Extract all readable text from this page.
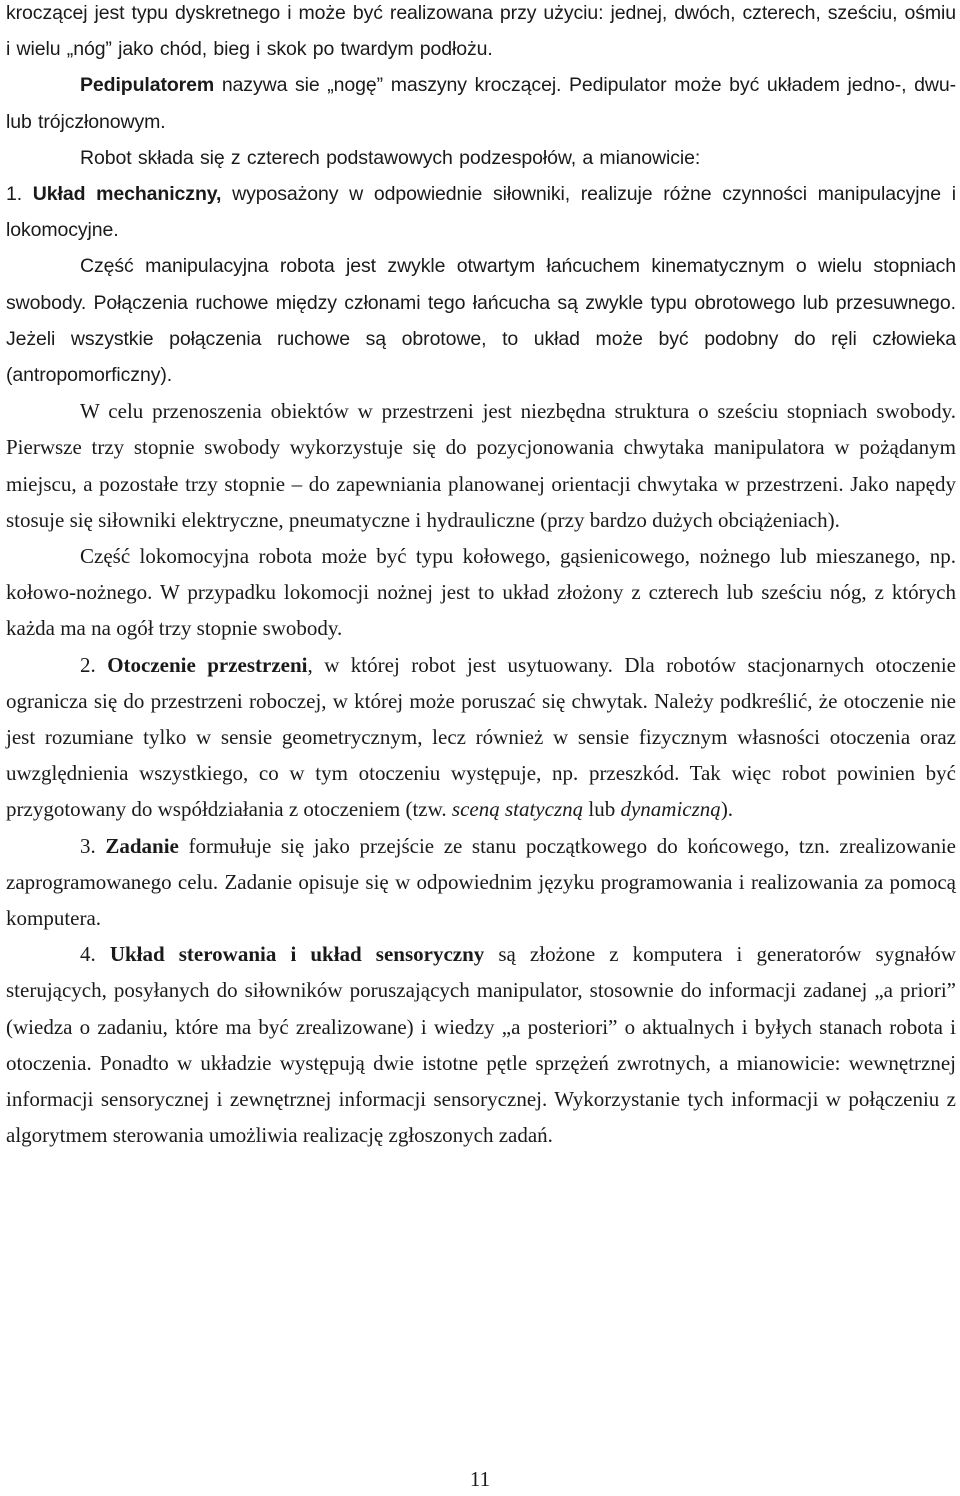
kroczącej jest typu dyskretnego i może być realizowana przy użyciu: jednej, dwóch, czterech, sześciu, ośmiu i wielu „nóg” jako chód, bieg i skok po twardym podłożu.

Pedipulatorem nazywa sie „nogę” maszyny kroczącej. Pedipulator może być układem jedno-, dwu- lub trójczłonowym.

Robot składa się z czterech podstawowych podzespołów, a mianowicie:

1. Układ mechaniczny, wyposażony w odpowiednie siłowniki, realizuje różne czynności manipulacyjne i lokomocyjne.

Część manipulacyjna robota jest zwykle otwartym łańcuchem kinematycznym o wielu stopniach swobody. Połączenia ruchowe między członami tego łańcucha są zwykle typu obrotowego lub przesuwnego. Jeżeli wszystkie połączenia ruchowe są obrotowe, to układ może być podobny do ręli człowieka (antropomorficzny).

W celu przenoszenia obiektów w przestrzeni jest niezbędna struktura o sześciu stopniach swobody. Pierwsze trzy stopnie swobody wykorzystuje się do pozycjonowania chwytaka manipulatora w pożądanym miejscu, a pozostałe trzy stopnie – do zapewniania planowanej orientacji chwytaka w przestrzeni. Jako napędy stosuje się siłowniki elektryczne, pneumatyczne i hydrauliczne (przy bardzo dużych obciążeniach).

Część lokomocyjna robota może być typu kołowego, gąsienicowego, nożnego lub mieszanego, np. kołowo-nożnego. W przypadku lokomocji nożnej jest to układ złożony z czterech lub sześciu nóg, z których każda ma na ogół trzy stopnie swobody.

2. Otoczenie przestrzeni, w której robot jest usytuowany. Dla robotów stacjonarnych otoczenie ogranicza się do przestrzeni roboczej, w której może poruszać się chwytak. Należy podkreślić, że otoczenie nie jest rozumiane tylko w sensie geometrycznym, lecz również w sensie fizycznym własności otoczenia oraz uwzględnienia wszystkiego, co w tym otoczeniu występuje, np. przeszkód. Tak więc robot powinien być przygotowany do współdziałania z otoczeniem (tzw. sceną statyczną lub dynamiczną).

3. Zadanie formułuje się jako przejście ze stanu początkowego do końcowego, tzn. zrealizowanie zaprogramowanego celu. Zadanie opisuje się w odpowiednim języku programowania i realizowania za pomocą komputera.

4. Układ sterowania i układ sensoryczny są złożone z komputera i generatorów sygnałów sterujących, posyłanych do siłowników poruszających manipulator, stosownie do informacji zadanej „a priori” (wiedza o zadaniu, które ma być zrealizowane) i wiedzy „a posteriori” o aktualnych i byłych stanach robota i otoczenia. Ponadto w układzie występują dwie istotne pętle sprzężeń zwrotnych, a mianowicie: wewnętrznej informacji sensorycznej i zewnętrznej informacji sensorycznej. Wykorzystanie tych informacji w połączeniu z algorytmem sterowania umożliwia realizację zgłoszonych zadań.

11
